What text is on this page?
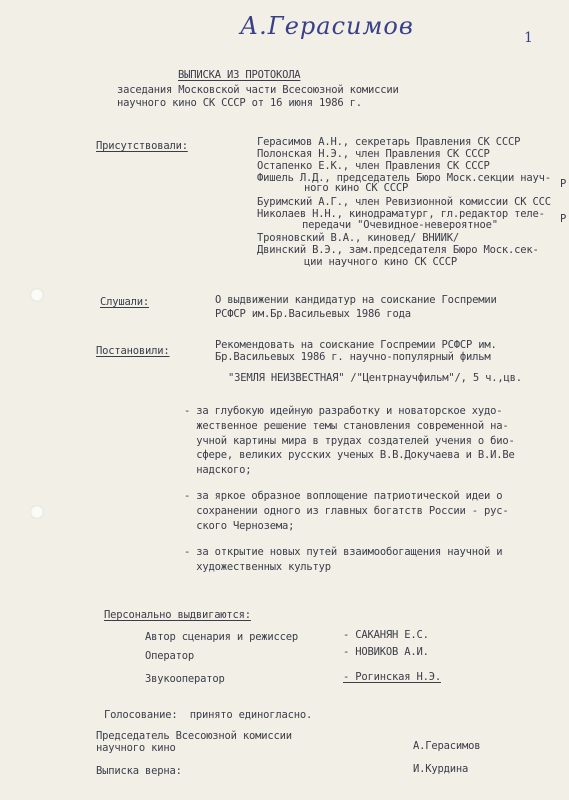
А.Герасимов	1
ВЫПИСКА ИЗ ПРОТОКОЛА
заседания Московской части Всесоюзной комиссии
научного кино СК СССР от 16 июня 1986 г.
Присутствовали:	Герасимов А.Н., секретарь Правления СК СССР
Полонская Н.Э., член Правления СК СССР
Остапенко Е.К., член Правления СК СССР
Фишель Л.Д., председатель Бюро Моск.секции науч-
ного кино СК СССР
Буримский А.Г., член Ревизионной комиссии СК ССС
Николаев Н.Н., кинодраматург, гл.редактор теле-
передачи "Очевидное-невероятное"
Трояновский В.А., киновед/ ВНИИК/
Двинский В.Э., зам.председателя Бюро Моск.сек-
ции научного кино СК СССР
Р
Р
Слушали:	О выдвижении кандидатур на соискание Госпремии
РСФСР им.Бр.Васильевых 1986 года
Постановили:	Рекомендовать на соискание Госпремии РСФСР им.
Бр.Васильевых 1986 г. научно-популярный фильм
"ЗЕМЛЯ НЕИЗВЕСТНАЯ" /"Центрнаучфильм"/, 5 ч.,цв.
- за глубокую идейную разработку и новаторское худо-
жественное решение темы становления современной на-
учной картины мира в трудах создателей учения о био-
сфере, великих русских ученых В.В.Докучаева и В.И.Ве
надского;
- за яркое образное воплощение патриотической идеи о
сохранении одного из главных богатств России - рус-
ского Чернозема;
- за открытие новых путей взаимообогащения научной и
художественных культур
Персонально выдвигаются:
Автор сценария и режиссер	- САКАНЯН Е.С.
Оператор	- НОВИКОВ А.И.
Звукооператор	- Рогинская Н.Э.
Голосование:  принято единогласно.
Председатель Всесоюзной комиссии
научного кино	А.Герасимов
Выписка верна:	И.Курдина
